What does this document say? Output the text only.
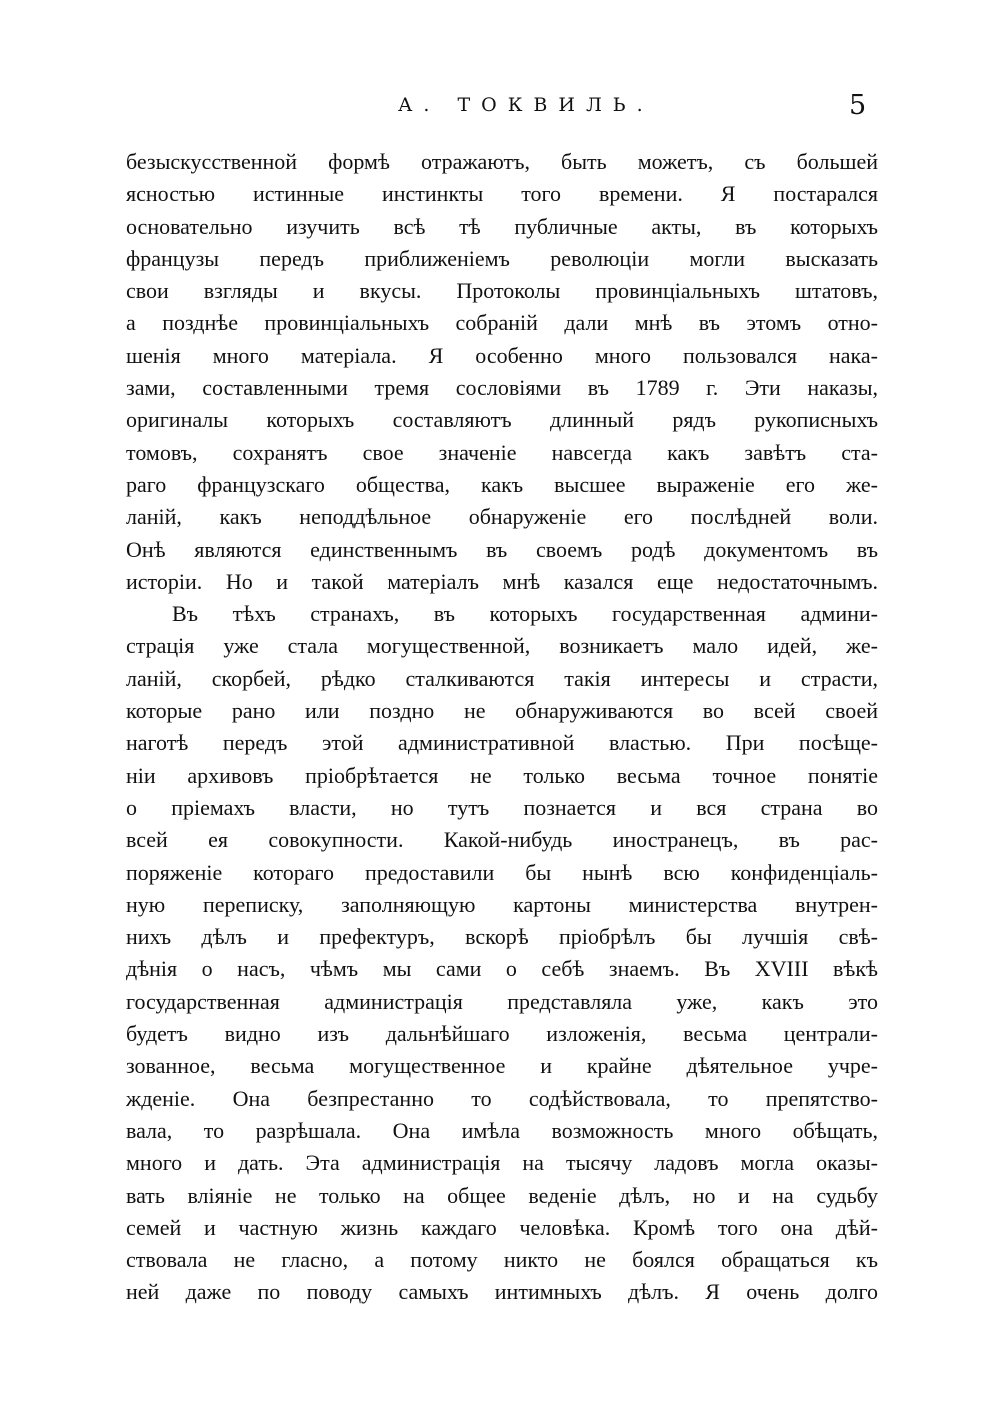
А. ТОКВИЛЬ.	5
безыскусственной формѣ отражаютъ, быть можетъ, съ большей
ясностью истинные инстинкты того времени. Я постарался
основательно изучить всѣ тѣ публичные акты, въ которыхъ
французы передъ приближеніемъ революціи могли высказать
свои взгляды и вкусы. Протоколы провинціальныхъ штатовъ,
а позднѣе провинціальныхъ собраній дали мнѣ въ этомъ отно-
шенія много матеріала. Я особенно много пользовался нака-
зами, составленными тремя сословіями въ 1789 г. Эти наказы,
оригиналы которыхъ составляютъ длинный рядъ рукописныхъ
томовъ, сохранятъ свое значеніе навсегда какъ завѣтъ ста-
раго французскаго общества, какъ высшее выраженіе его же-
ланій, какъ неподдѣльное обнаруженіе его послѣдней воли.
Онѣ являются единственнымъ въ своемъ родѣ документомъ въ
исторіи. Но и такой матеріалъ мнѣ казался еще недостаточнымъ.
Въ тѣхъ странахъ, въ которыхъ государственная админи-
страція уже стала могущественной, возникаетъ мало идей, же-
ланій, скорбей, рѣдко сталкиваются такія интересы и страсти,
которые рано или поздно не обнаруживаются во всей своей
наготѣ передъ этой административной властью. При посѣще-
ніи архивовъ пріобрѣтается не только весьма точное понятіе
о пріемахъ власти, но тутъ познается и вся страна во
всей ея совокупности. Какой-нибудь иностранецъ, въ рас-
поряженіе котораго предоставили бы нынѣ всю конфиденціаль-
ную переписку, заполняющую картоны министерства внутрен-
нихъ дѣлъ и префектуръ, вскорѣ пріобрѣлъ бы лучшія свѣ-
дѣнія о насъ, чѣмъ мы сами о себѣ знаемъ. Въ XVIII вѣкѣ
государственная администрація представляла уже, какъ это
будетъ видно изъ дальнѣйшаго изложенія, весьма централи-
зованное, весьма могущественное и крайне дѣятельное учре-
жденіе. Она безпрестанно то содѣйствовала, то препятство-
вала, то разрѣшала. Она имѣла возможность много обѣщать,
много и дать. Эта администрація на тысячу ладовъ могла оказы-
вать вліяніе не только на общее веденіе дѣлъ, но и на судьбу
семей и частную жизнь каждаго человѣка. Кромѣ того она дѣй-
ствовала не гласно, а потому никто не боялся обращаться къ
ней даже по поводу самыхъ интимныхъ дѣлъ. Я очень долго
